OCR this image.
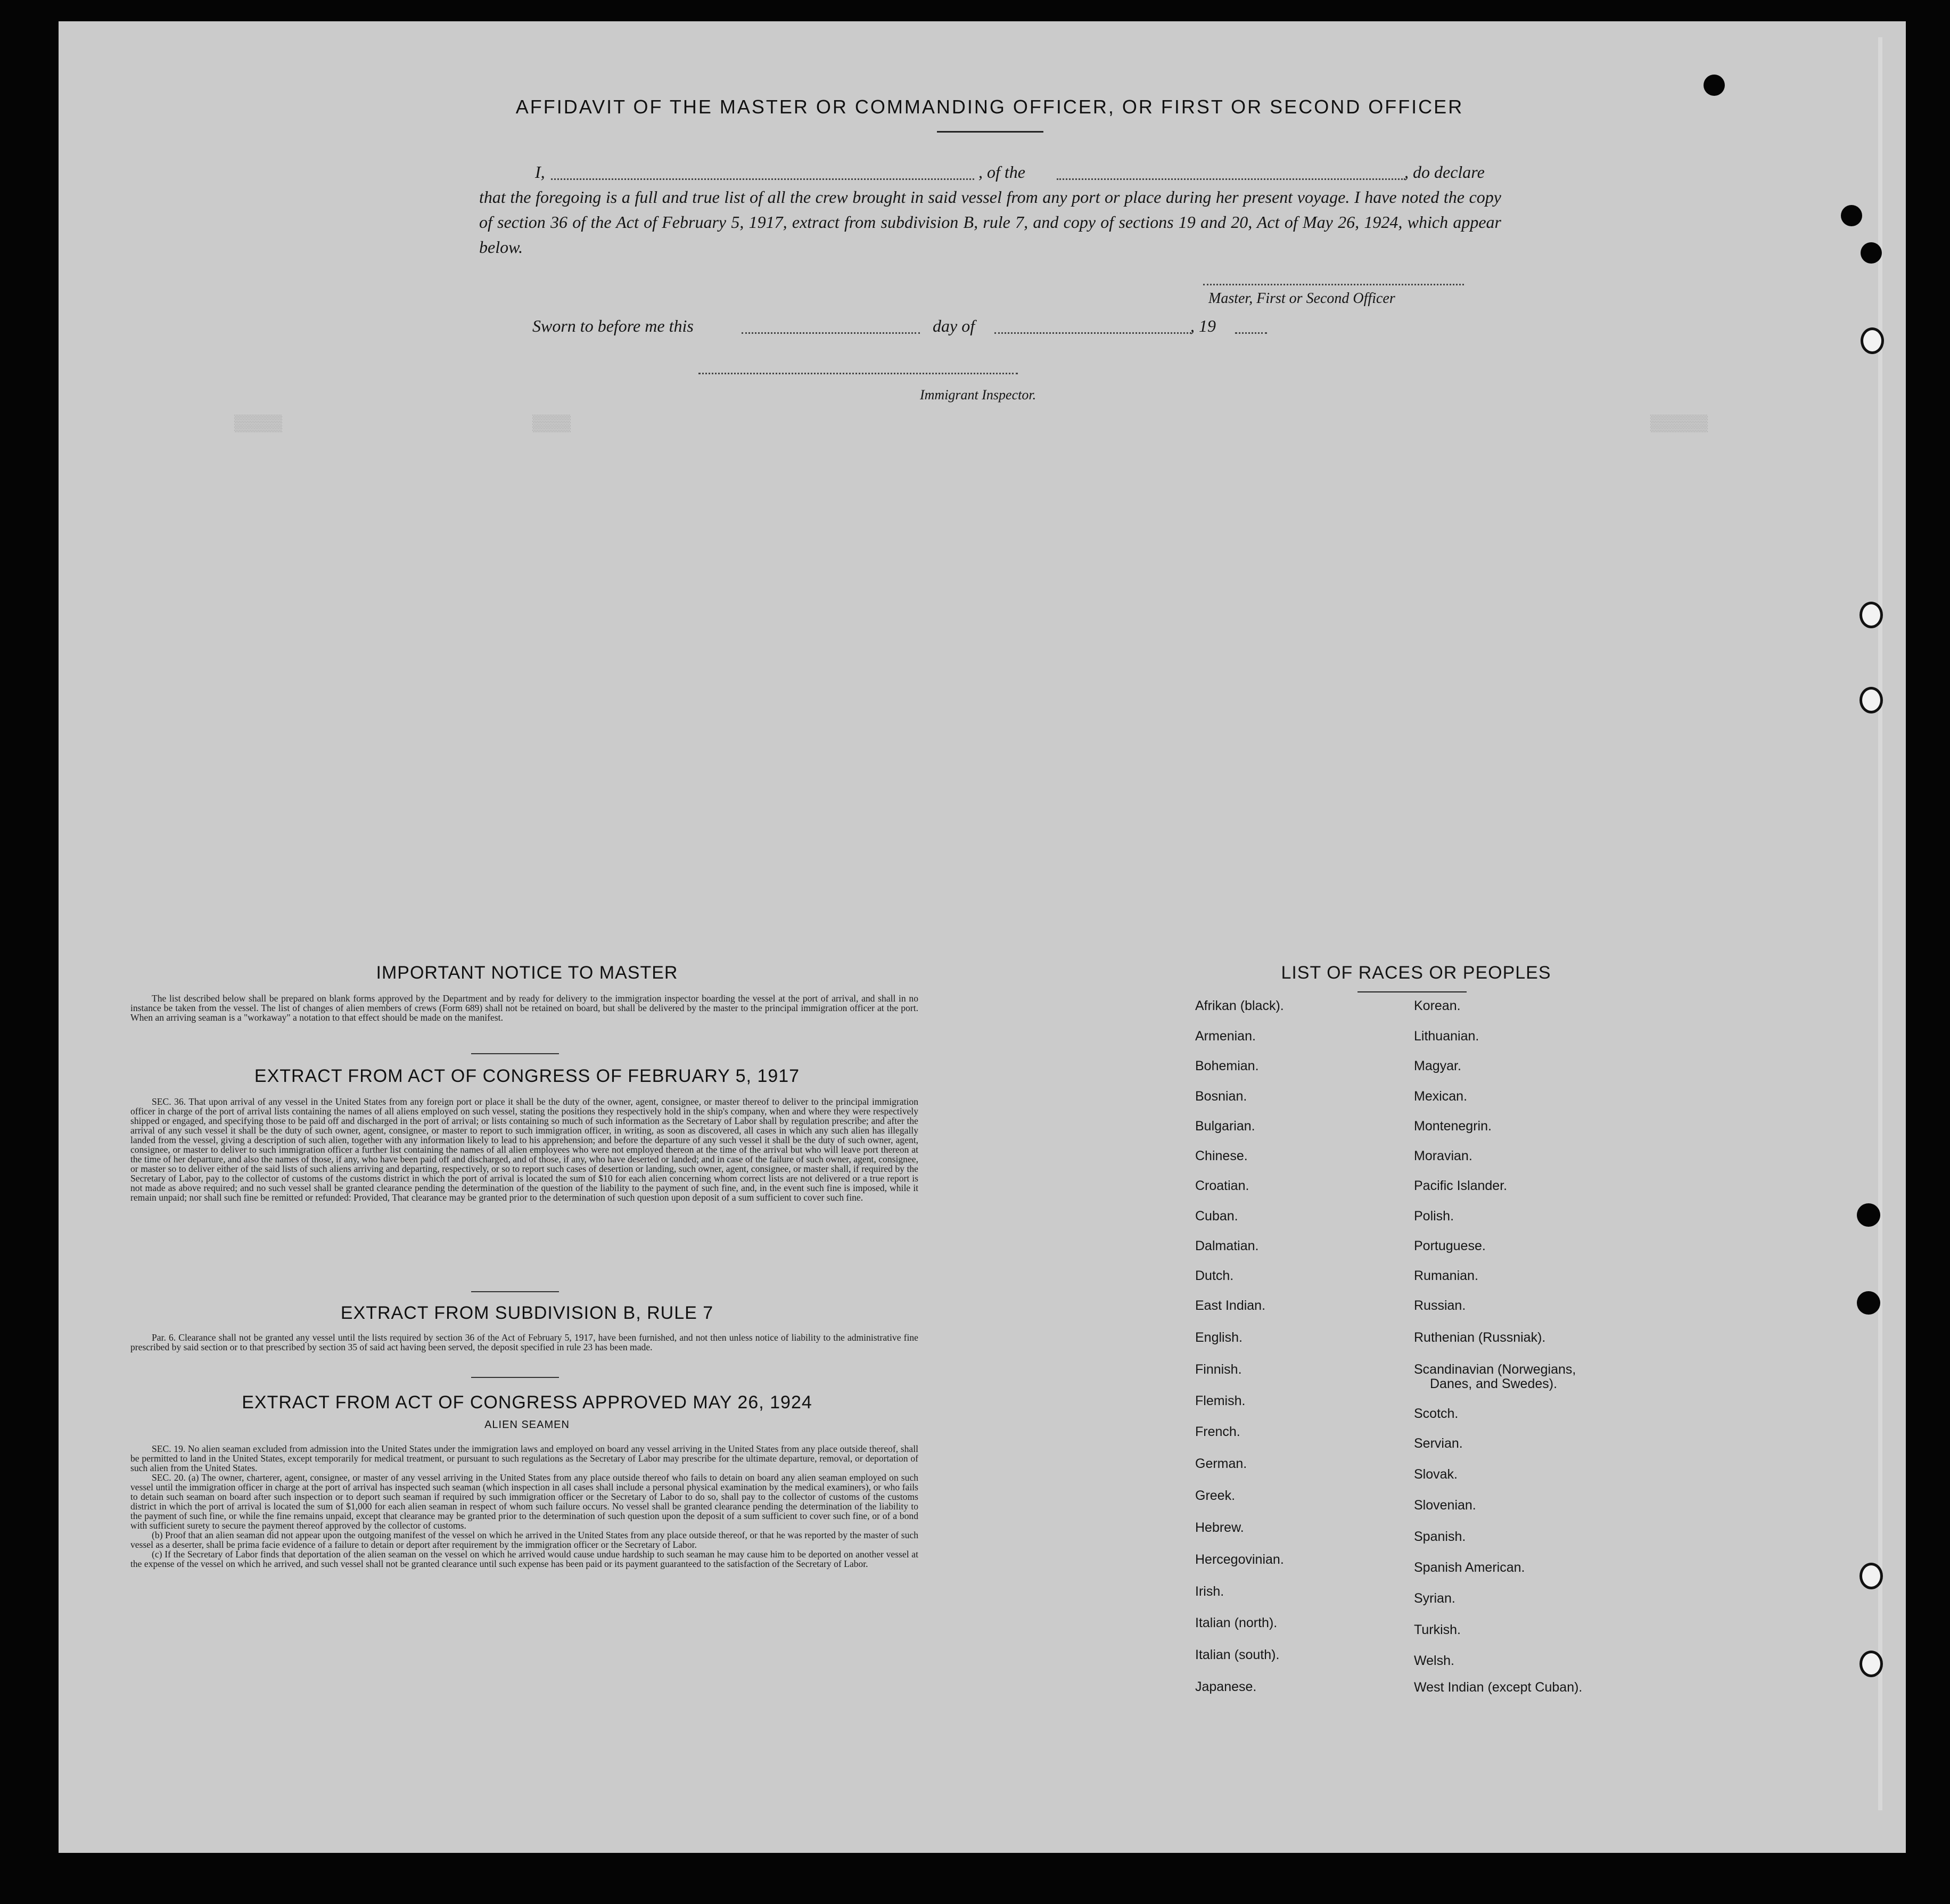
▒▒▒▒▒	▒▒▒▒	▒▒▒▒▒▒
AFFIDAVIT OF THE MASTER OR COMMANDING OFFICER, OR FIRST OR SECOND OFFICER
I,	, of the	, do declare
that the foregoing is a full and true list of all the crew brought in said vessel from any port or place during her present voyage. I have noted the copy of section 36 of the Act of February 5, 1917, extract from subdivision B, rule 7, and copy of sections 19 and 20, Act of May 26, 1924, which appear below.
Master, First or Second Officer
Sworn to before me this	day of	, 19
Immigrant Inspector.
IMPORTANT NOTICE TO MASTER
The list described below shall be prepared on blank forms approved by the Department and by ready for delivery to the immigration inspector boarding the vessel at the port of arrival, and shall in no instance be taken from the vessel. The list of changes of alien members of crews (Form 689) shall not be retained on board, but shall be delivered by the master to the principal immigration officer at the port. When an arriving seaman is a "workaway" a notation to that effect should be made on the manifest.
EXTRACT FROM ACT OF CONGRESS OF FEBRUARY 5, 1917
SEC. 36. That upon arrival of any vessel in the United States from any foreign port or place it shall be the duty of the owner, agent, consignee, or master thereof to deliver to the principal immigration officer in charge of the port of arrival lists containing the names of all aliens employed on such vessel, stating the positions they respectively hold in the ship's company, when and where they were respectively shipped or engaged, and specifying those to be paid off and discharged in the port of arrival; or lists containing so much of such information as the Secretary of Labor shall by regulation prescribe; and after the arrival of any such vessel it shall be the duty of such owner, agent, consignee, or master to report to such immigration officer, in writing, as soon as discovered, all cases in which any such alien has illegally landed from the vessel, giving a description of such alien, together with any information likely to lead to his apprehension; and before the departure of any such vessel it shall be the duty of such owner, agent, consignee, or master to deliver to such immigration officer a further list containing the names of all alien employees who were not employed thereon at the time of the arrival but who will leave port thereon at the time of her departure, and also the names of those, if any, who have been paid off and discharged, and of those, if any, who have deserted or landed; and in case of the failure of such owner, agent, consignee, or master so to deliver either of the said lists of such aliens arriving and departing, respectively, or so to report such cases of desertion or landing, such owner, agent, consignee, or master shall, if required by the Secretary of Labor, pay to the collector of customs of the customs district in which the port of arrival is located the sum of $10 for each alien concerning whom correct lists are not delivered or a true report is not made as above required; and no such vessel shall be granted clearance pending the determination of the question of the liability to the payment of such fine, and, in the event such fine is imposed, while it remain unpaid; nor shall such fine be remitted or refunded: Provided, That clearance may be granted prior to the determination of such question upon deposit of a sum sufficient to cover such fine.
EXTRACT FROM SUBDIVISION B, RULE 7
Par. 6. Clearance shall not be granted any vessel until the lists required by section 36 of the Act of February 5, 1917, have been furnished, and not then unless notice of liability to the administrative fine prescribed by said section or to that prescribed by section 35 of said act having been served, the deposit specified in rule 23 has been made.
EXTRACT FROM ACT OF CONGRESS APPROVED MAY 26, 1924
ALIEN SEAMEN
SEC. 19. No alien seaman excluded from admission into the United States under the immigration laws and employed on board any vessel arriving in the United States from any place outside thereof, shall be permitted to land in the United States, except temporarily for medical treatment, or pursuant to such regulations as the Secretary of Labor may prescribe for the ultimate departure, removal, or deportation of such alien from the United States.
SEC. 20. (a) The owner, charterer, agent, consignee, or master of any vessel arriving in the United States from any place outside thereof who fails to detain on board any alien seaman employed on such vessel until the immigration officer in charge at the port of arrival has inspected such seaman (which inspection in all cases shall include a personal physical examination by the medical examiners), or who fails to detain such seaman on board after such inspection or to deport such seaman if required by such immigration officer or the Secretary of Labor to do so, shall pay to the collector of customs of the customs district in which the port of arrival is located the sum of $1,000 for each alien seaman in respect of whom such failure occurs. No vessel shall be granted clearance pending the determination of the liability to the payment of such fine, or while the fine remains unpaid, except that clearance may be granted prior to the determination of such question upon the deposit of a sum sufficient to cover such fine, or of a bond with sufficient surety to secure the payment thereof approved by the collector of customs.
(b) Proof that an alien seaman did not appear upon the outgoing manifest of the vessel on which he arrived in the United States from any place outside thereof, or that he was reported by the master of such vessel as a deserter, shall be prima facie evidence of a failure to detain or deport after requirement by the immigration officer or the Secretary of Labor.
(c) If the Secretary of Labor finds that deportation of the alien seaman on the vessel on which he arrived would cause undue hardship to such seaman he may cause him to be deported on another vessel at the expense of the vessel on which he arrived, and such vessel shall not be granted clearance until such expense has been paid or its payment guaranteed to the satisfaction of the Secretary of Labor.
LIST OF RACES OR PEOPLES
Afrikan (black).
Armenian.
Bohemian.
Bosnian.
Bulgarian.
Chinese.
Croatian.
Cuban.
Dalmatian.
Dutch.
East Indian.
English.
Finnish.
Flemish.
French.
German.
Greek.
Hebrew.
Hercegovinian.
Irish.
Italian (north).
Italian (south).
Japanese.
Korean.
Lithuanian.
Magyar.
Mexican.
Montenegrin.
Moravian.
Pacific Islander.
Polish.
Portuguese.
Rumanian.
Russian.
Ruthenian (Russniak).
Scandinavian (Norwegians,
Danes, and Swedes).
Scotch.
Servian.
Slovak.
Slovenian.
Spanish.
Spanish American.
Syrian.
Turkish.
Welsh.
West Indian (except Cuban).
